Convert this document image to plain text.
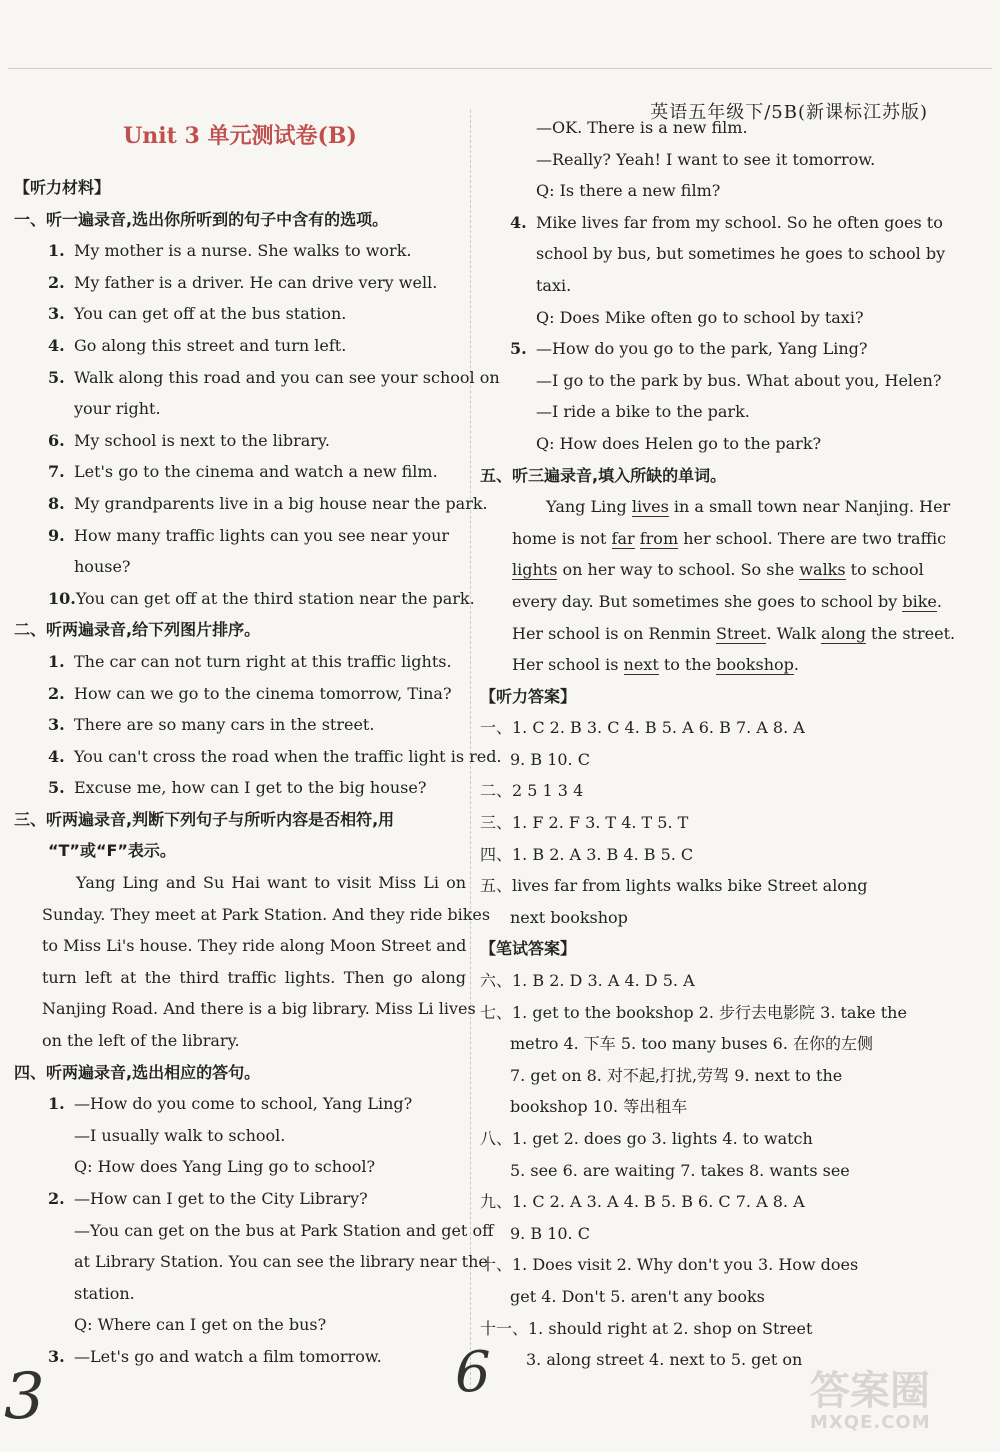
英语五年级下/5B(新课标江苏版)
Unit 3 单元测试卷(B)
【听力材料】
一、听一遍录音,选出你所听到的句子中含有的选项。
1. My mother is a nurse. She walks to work.
2. My father is a driver. He can drive very well.
3. You can get off at the bus station.
4. Go along this street and turn left.
5. Walk along this road and you can see your school on
your right.
6. My school is next to the library.
7. Let's go to the cinema and watch a new film.
8. My grandparents live in a big house near the park.
9. How many traffic lights can you see near your
house?
10.You can get off at the third station near the park.
二、听两遍录音,给下列图片排序。
1. The car can not turn right at this traffic lights.
2. How can we go to the cinema tomorrow, Tina?
3. There are so many cars in the street.
4. You can't cross the road when the traffic light is red.
5. Excuse me, how can I get to the big house?
三、听两遍录音,判断下列句子与所听内容是否相符,用
“T”或“F”表示。
Yang Ling and Su Hai want to visit Miss Li on
Sunday. They meet at Park Station. And they ride bikes
to Miss Li's house. They ride along Moon Street and
turn left at the third traffic lights. Then go along
Nanjing Road. And there is a big library. Miss Li lives
on the left of the library.
四、听两遍录音,选出相应的答句。
1. —How do you come to school, Yang Ling?
—I usually walk to school.
Q: How does Yang Ling go to school?
2. —How can I get to the City Library?
—You can get on the bus at Park Station and get off
at Library Station. You can see the library near the
station.
Q: Where can I get on the bus?
3. —Let's go and watch a film tomorrow.
—OK. There is a new film.
—Really? Yeah! I want to see it tomorrow.
Q: Is there a new film?
4. Mike lives far from my school. So he often goes to
school by bus, but sometimes he goes to school by
taxi.
Q: Does Mike often go to school by taxi?
5. —How do you go to the park, Yang Ling?
—I go to the park by bus. What about you, Helen?
—I ride a bike to the park.
Q: How does Helen go to the park?
五、听三遍录音,填入所缺的单词。
Yang Ling lives in a small town near Nanjing. Her
home is not far from her school. There are two traffic
lights on her way to school. So she walks to school
every day. But sometimes she goes to school by bike.
Her school is on Renmin Street. Walk along the street.
Her school is next to the bookshop.
【听力答案】
一、1. C 2. B 3. C 4. B 5. A 6. B 7. A 8. A
9. B 10. C
二、2 5 1 3 4
三、1. F 2. F 3. T 4. T 5. T
四、1. B 2. A 3. B 4. B 5. C
五、lives far from lights walks bike Street along
next bookshop
【笔试答案】
六、1. B 2. D 3. A 4. D 5. A
七、1. get to the bookshop 2. 步行去电影院 3. take the
metro 4. 下车 5. too many buses 6. 在你的左侧
7. get on 8. 对不起,打扰,劳驾 9. next to the
bookshop 10. 等出租车
八、1. get 2. does go 3. lights 4. to watch
5. see 6. are waiting 7. takes 8. wants see
九、1. C 2. A 3. A 4. B 5. B 6. C 7. A 8. A
9. B 10. C
十、1. Does visit 2. Why don't you 3. How does
get 4. Don't 5. aren't any books
十一、1. should right at 2. shop on Street
3. along street 4. next to 5. get on
3	6	答案圈
MXQE.COM
